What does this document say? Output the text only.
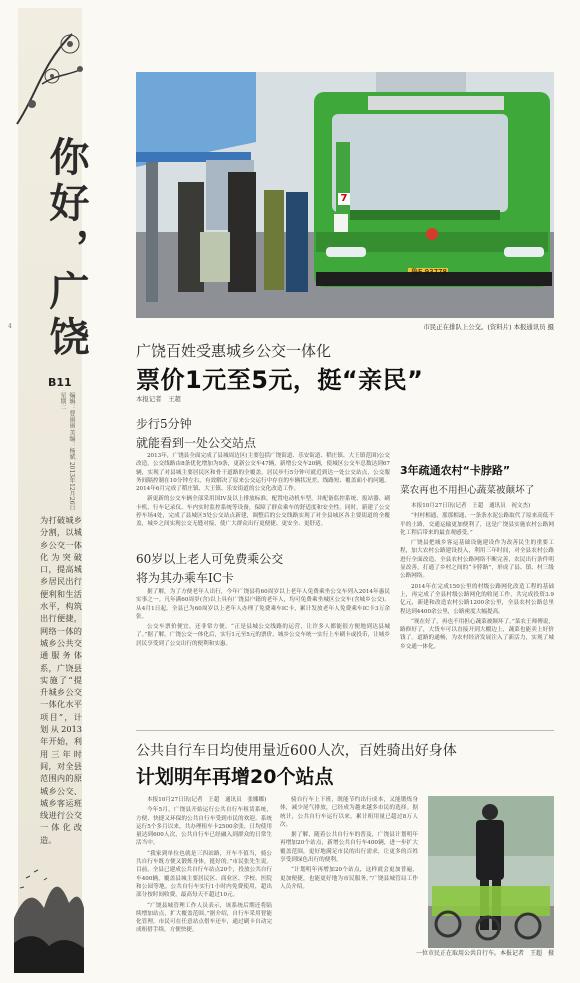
你好，
广饶
B11
编辑：曹丽丽 美编：杨斌 2013年12月26日 星期二
4
为打破城乡分割，以城乡公交一体化为突破口，提高城乡居民出行便利和生活水平，构筑出行便捷，网络一体的城乡公共交通服务体系，广饶县实施了“提升城乡公交一体化水平项目”，计划从2013年开始，利用三年时间，对全县范围内的原城乡公交、城乡客运班线进行公交一体化改造。
7
鲁E 93778
市民正在排队上公交。(资料片) 本报通讯员 摄
广饶百姓受惠城乡公交一体化
票价1元至5元，挺“亲民”
本报记者　王超
步行5分钟
就能看到一处公交站点

2013年，广饶县全面完成了县城周边区(主要包括广饶街道、乐安街道、稻庄镇、大王镇范围)公交改造。公交线路由8条优化增加为9条，更新公交车47辆，新增公交车20辆，使城区公交车总数达到67辆，实现了对县城主要居民区和骨干道路的全覆盖。居民步行5分钟可就近到达一处公交站点，公交服务间隔控制在10分钟左右，有效解决了原来公交运行中存在的车辆状况差、线路短、覆盖面小的问题。2014年6月完成了稻庄镇、大王镇、乐安街道的公交化改造工作。

新更新的公交车辆全部采用国IV及以上排放标准，配置电动机车型，并配备监控系统、报站器、刷卡机、行车记录仪、车内实时监控系统等设备，保障了群众乘车的舒适度和安全性。同时，新建了公交停车场4处，完成了县城区5处公交站点新建，调整后的公交线路实现了对全县城区各主要街道的全覆盖，城乡之间实现公交无缝对接，使广大群众出行更便捷、更安全、更舒适。

60岁以上老人可免费乘公交
将为其办乘车IC卡

据了解，为了方便老年人出行，今年广饶县将60周岁以上老年人免费乘坐公交车列入2014年惠民实事之一。凡年满60周岁(含)以上具有广饶县户籍的老年人，均可免费乘坐城区公交车(含城乡公交)。从4月1日起，全县已为60周岁以上老年人办理了免费乘车IC卡，累计发放老年人免费乘车IC卡3万余张。

公交车票价便宜，还非常方便。“正是县城公交线路的运营，让许多人都能很方便地到达县城了。”据了解，广饶公交一体化后，实行1元至5元的票价，城乡公交车统一实行上车刷卡或投币，让城乡居民享受到了公交出行的便利和实惠。

3年疏通农村“卡脖路”
菜农再也不用担心蔬菜被颠坏了

本报10月27日讯(记者　王超　通讯员　祝文杰)

“村村相通，那那相通，一条条水泥公路取代了原来高低不平的土路，交通运输更加便利了，这是广饶县实施农村公路网化工程后带来的最直观感受。”

广饶县把城乡客运基础设施建设作为改善民生的重要工程，加大农村公路建设投入，利用三年时间，对全县农村公路进行全面改造。全县农村公路网络不断完善，农民出行条件明显改善，打通了乡村之间的“卡脖路”，形成了县、镇、村三级公路网络。

2014年在完成150公里的村级公路网化改造工程的基础上，再完成了全县村级公路网化的收尾工作，共完成投资3.9亿元，新建和改造农村公路1200余公里，全县农村公路总里程达到4400余公里，公路密度大幅提高。

“现在好了，再也不用担心蔬菜被颠坏了。”菜农王师傅说，路修好了，大货车可以直接开到大棚边上，蔬菜也能卖上好价钱了。道路的通畅，为农村经济发展注入了新活力，实现了城乡交通一体化。

公共自行车日均使用量近600人次，百姓骑出好身体
计划明年再增20个站点

本报10月27日讯(记者　王超　通讯员　张娜娜)

今年5月，广饶县开始运行公共自行车租赁系统，方便、快捷又环保的公共自行车受到市民的欢迎。系统运行5个多月以来，共办理租车卡2500余张，日均使用量达到600人次，公共自行车已经融入到群众的日常生活当中。

“我家到单位也就是三四站路，开车不值当，骑公共自行车既方便又锻炼身体，挺好的。”市民张先生说。目前，全县已建成公共自行车站点20个，投放公共自行车400辆，覆盖县城主要居民区、商业区、学校、医院和公园等地。公共自行车实行1小时内免费使用，超出部分按时间收费，最高每天不超过10元。

“广饶县城管理工作人员表示，该系统后期还将陆续增加站点，扩大覆盖范围。”据介绍，自行车采用智能化管理，市民可在任意站点借车还车，通过刷卡自动完成租借手续，方便快捷。

骑自行车上下班，既能节约出行成本，又能锻炼身体，减少尾气排放，已经成为越来越多市民的选择。据统计，公共自行车运行以来，累计租用量已超过8万人次。

据了解，随着公共自行车的普及，广饶县计划明年再增加20个站点，新增公共自行车400辆，进一步扩大覆盖范围，更好地满足市民的出行需求，让更多的百姓享受到绿色出行的便利。

“计划明年再增加20个站点，这样就会更加普遍，更加便捷，也能更好地为市民服务。”广饶县城管局工作人员介绍。

一位市民正在取用公共自行车。本报记者　王超　摄
